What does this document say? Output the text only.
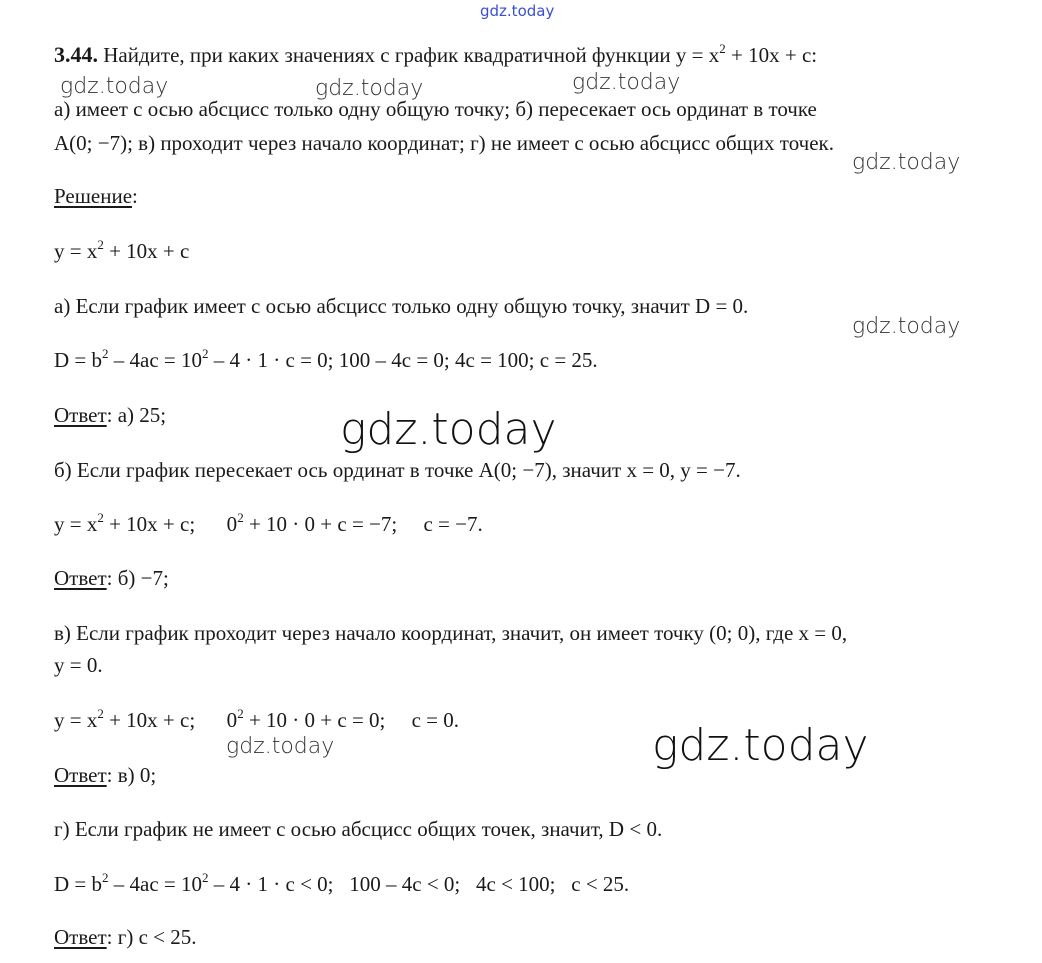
gdz.today
gdz.today	gdz.today	gdz.today
gdz.today
gdz.today
gdz.today
gdz.today	gdz.today
3.44. Найдите, при каких значениях c график квадратичной функции $y = x^2 + 10x + c$:
а) имеет с осью абсцисс только одну общую точку; б) пересекает ось ординат в точке
A(0; −7); в) проходит через начало координат; г) не имеет с осью абсцисс общих точек.
Решение:
$y = x^2 + 10x + c$
а) Если график имеет с осью абсцисс только одну общую точку, значит D = 0.
$D = b^2 - 4ac = 10^2 - 4 \cdot 1 \cdot c = 0$; 100 – 4c = 0; 4c = 100; c = 25.
Ответ: а) 25;
б) Если график пересекает ось ординат в точке A(0; −7), значит x = 0, y = −7.
$y = x^2 + 10x + c$;      $0^2 + 10 \cdot 0 + c = -7$;     c = −7.
Ответ: б) −7;
в) Если график проходит через начало координат, значит, он имеет точку (0; 0), где x = 0,
y = 0.
$y = x^2 + 10x + c$;      $0^2 + 10 \cdot 0 + c = 0$;     c = 0.
Ответ: в) 0;
г) Если график не имеет с осью абсцисс общих точек, значит, D < 0.
$D = b^2 - 4ac = 10^2 - 4 \cdot 1 \cdot c < 0$;   100 – 4c < 0;   4c < 100;   c < 25.
Ответ: г) c < 25.
